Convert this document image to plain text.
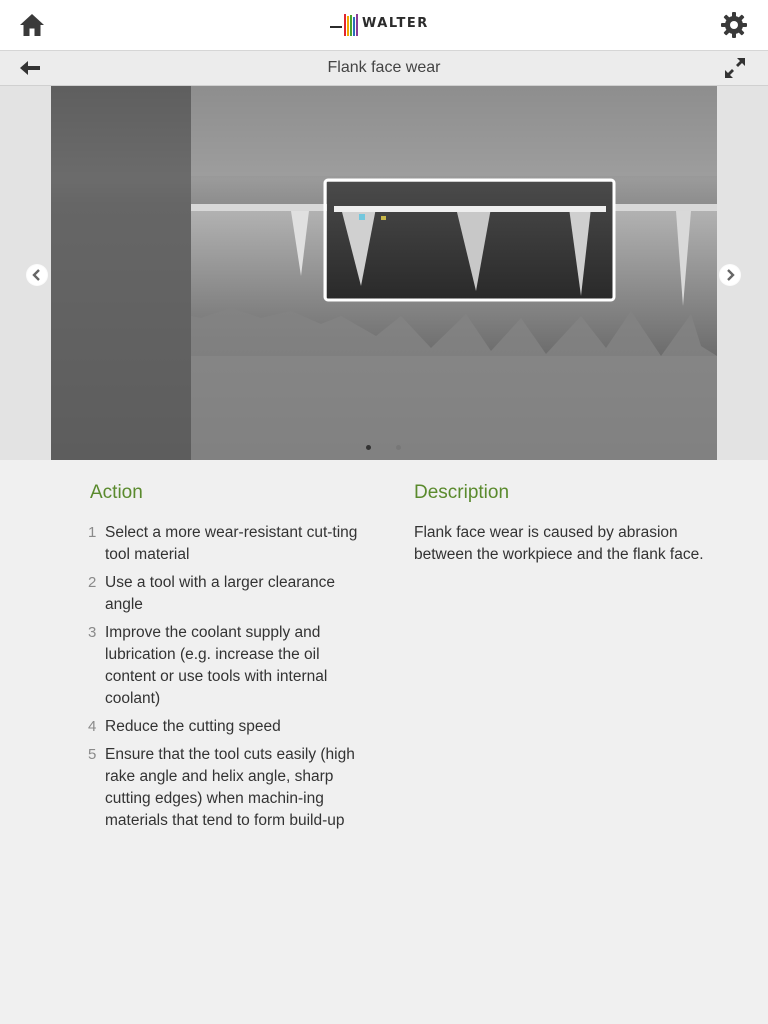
WALTER
Flank face wear
Action
1 Select a more wear-resistant cut-ting tool material
2 Use a tool with a larger clearance angle
3 Improve the coolant supply and lubrication (e.g. increase the oil content or use tools with internal coolant)
4 Reduce the cutting speed
5 Ensure that the tool cuts easily (high rake angle and helix angle, sharp cutting edges) when machin-ing materials that tend to form build-up
Description

Flank face wear is caused by abrasion between the workpiece and the flank face.
